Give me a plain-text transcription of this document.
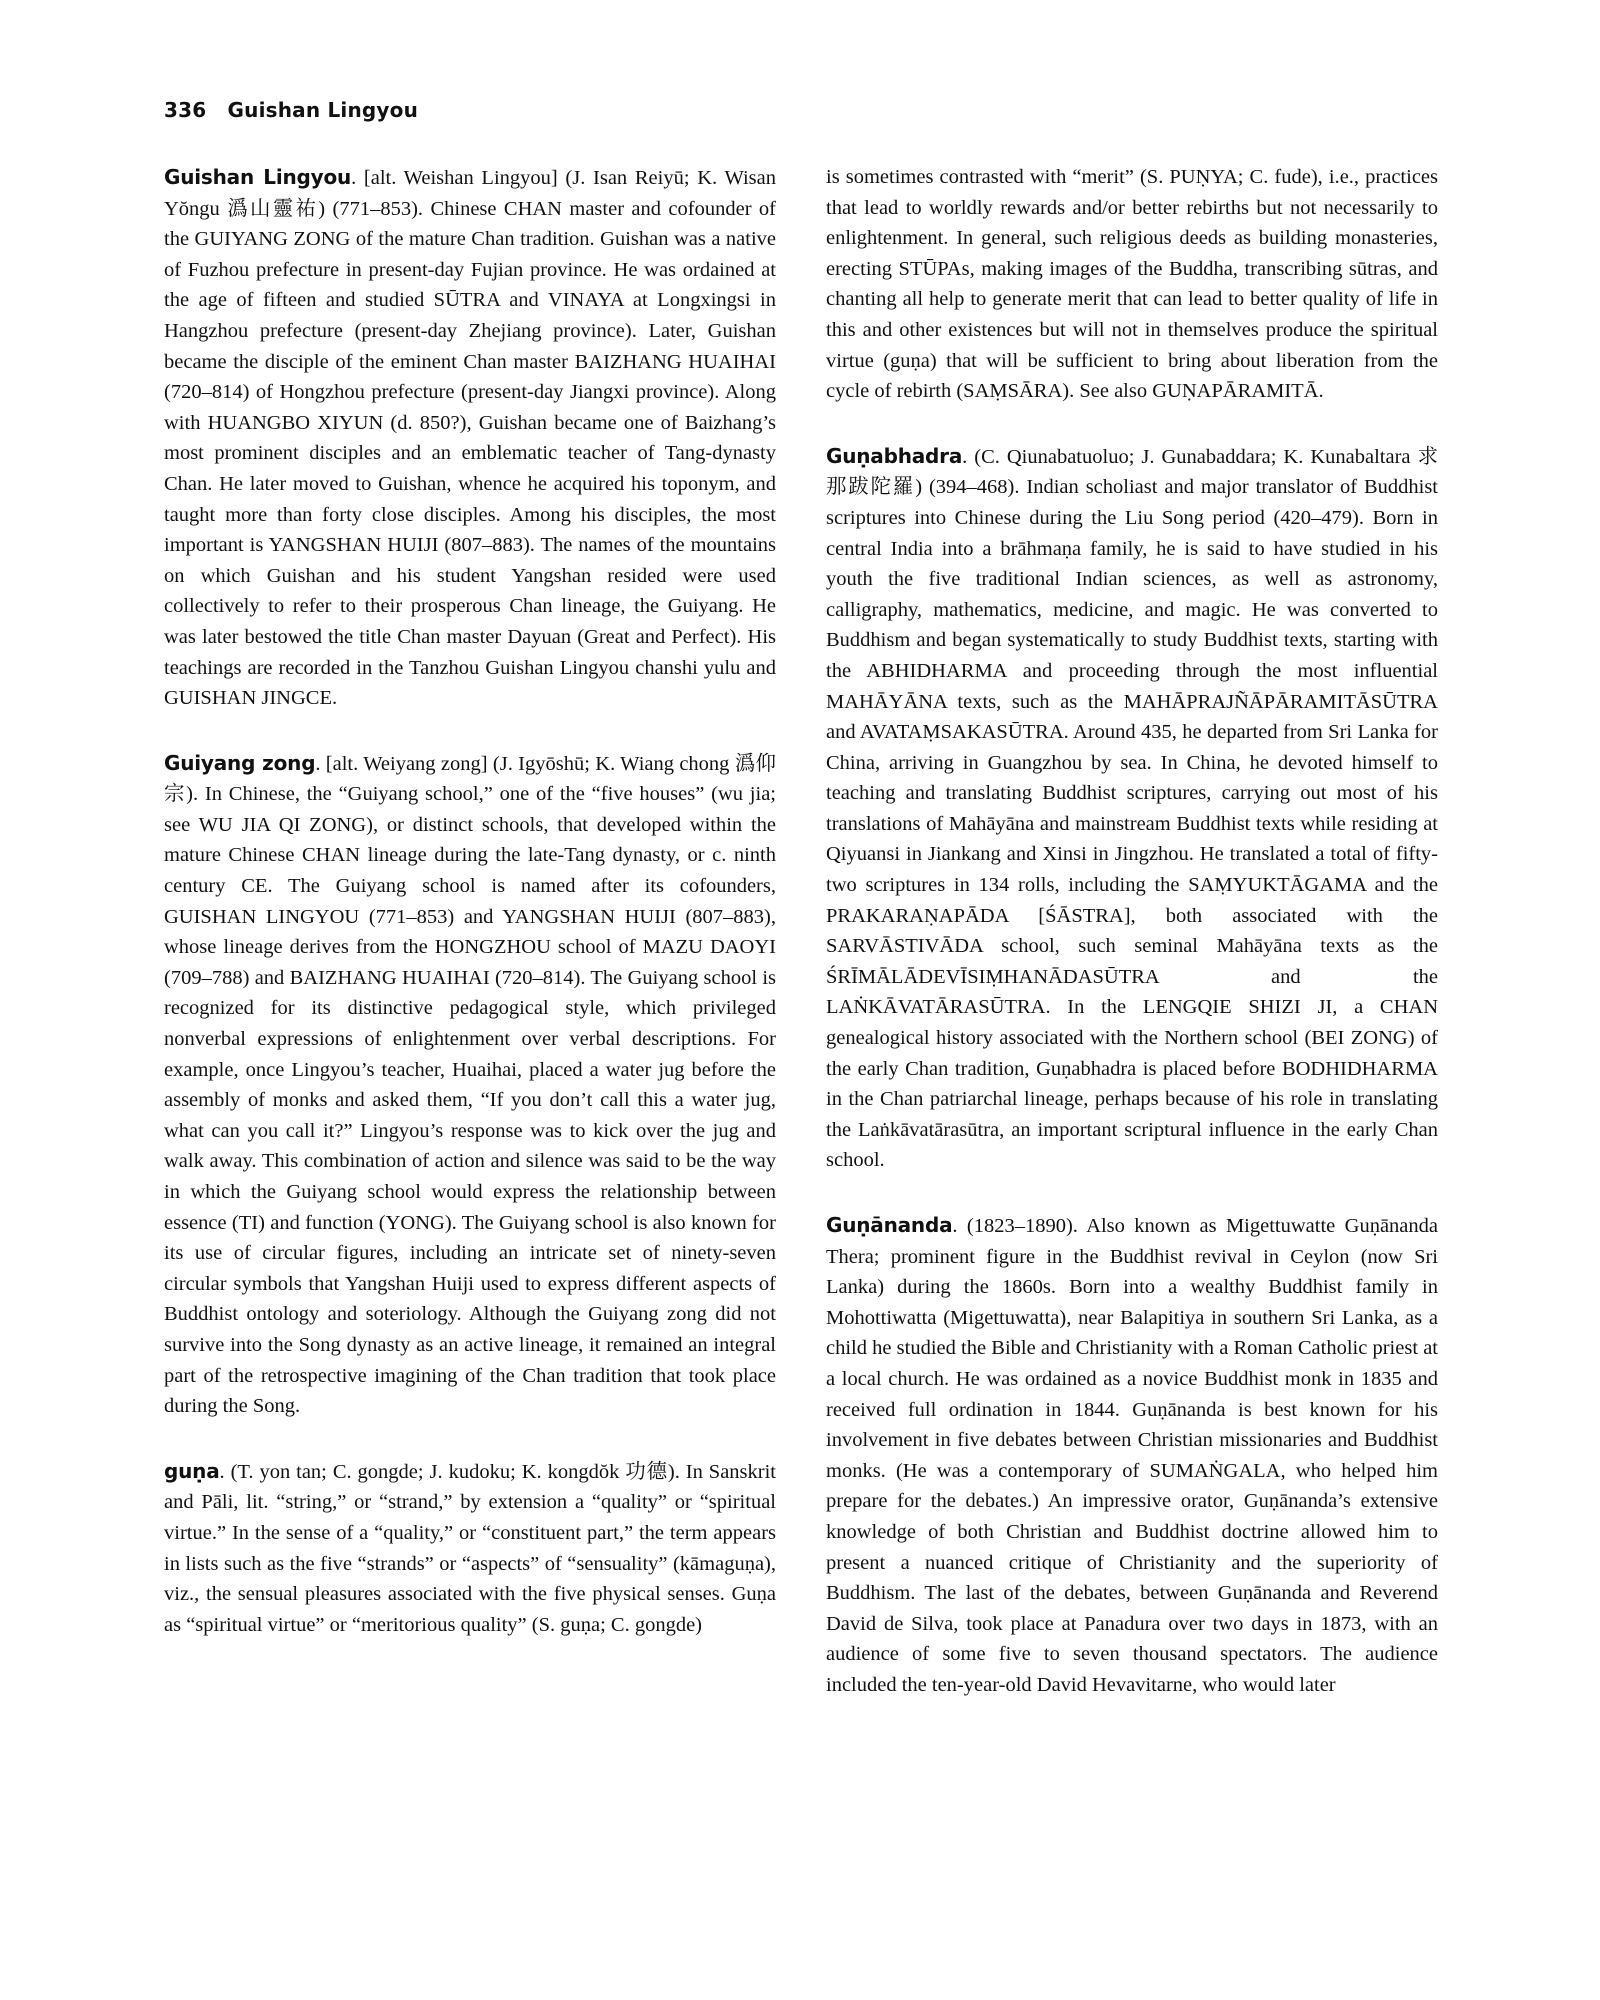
336 Guishan Lingyou

Guishan Lingyou. [alt. Weishan Lingyou] (J. Isan Reiyū; K. Wisan Yŏngu 潙山靈祐) (771–853). Chinese CHAN master and cofounder of the GUIYANG ZONG of the mature Chan tradition. Guishan was a native of Fuzhou prefecture in present-day Fujian province. He was ordained at the age of fifteen and studied SŪTRA and VINAYA at Longxingsi in Hangzhou prefecture (present-day Zhejiang province). Later, Guishan became the disciple of the eminent Chan master BAIZHANG HUAIHAI (720–814) of Hongzhou prefecture (present-day Jiangxi province). Along with HUANGBO XIYUN (d. 850?), Guishan became one of Baizhang’s most prominent disciples and an emblematic teacher of Tang-dynasty Chan. He later moved to Guishan, whence he acquired his toponym, and taught more than forty close disciples. Among his disciples, the most important is YANGSHAN HUIJI (807–883). The names of the mountains on which Guishan and his student Yangshan resided were used collectively to refer to their prosperous Chan lineage, the Guiyang. He was later bestowed the title Chan master Dayuan (Great and Perfect). His teachings are recorded in the Tanzhou Guishan Lingyou chanshi yulu and GUISHAN JINGCE.

Guiyang zong. [alt. Weiyang zong] (J. Igyōshū; K. Wiang chong 潙仰宗). In Chinese, the “Guiyang school,” one of the “five houses” (wu jia; see WU JIA QI ZONG), or distinct schools, that developed within the mature Chinese CHAN lineage during the late-Tang dynasty, or c. ninth century CE. The Guiyang school is named after its cofounders, GUISHAN LINGYOU (771–853) and YANGSHAN HUIJI (807–883), whose lineage derives from the HONGZHOU school of MAZU DAOYI (709–788) and BAIZHANG HUAIHAI (720–814). The Guiyang school is recognized for its distinctive pedagogical style, which privileged nonverbal expressions of enlightenment over verbal descriptions. For example, once Lingyou’s teacher, Huaihai, placed a water jug before the assembly of monks and asked them, “If you don’t call this a water jug, what can you call it?” Lingyou’s response was to kick over the jug and walk away. This combination of action and silence was said to be the way in which the Guiyang school would express the relationship between essence (TI) and function (YONG). The Guiyang school is also known for its use of circular figures, including an intricate set of ninety-seven circular symbols that Yangshan Huiji used to express different aspects of Buddhist ontology and soteriology. Although the Guiyang zong did not survive into the Song dynasty as an active lineage, it remained an integral part of the retrospective imagining of the Chan tradition that took place during the Song.

guṇa. (T. yon tan; C. gongde; J. kudoku; K. kongdŏk 功德). In Sanskrit and Pāli, lit. “string,” or “strand,” by extension a “quality” or “spiritual virtue.” In the sense of a “quality,” or “constituent part,” the term appears in lists such as the five “strands” or “aspects” of “sensuality” (kāmaguṇa), viz., the sensual pleasures associated with the five physical senses. Guṇa as “spiritual virtue” or “meritorious quality” (S. guṇa; C. gongde)

is sometimes contrasted with “merit” (S. PUṆYA; C. fude), i.e., practices that lead to worldly rewards and/or better rebirths but not necessarily to enlightenment. In general, such religious deeds as building monasteries, erecting STŪPAs, making images of the Buddha, transcribing sūtras, and chanting all help to generate merit that can lead to better quality of life in this and other existences but will not in themselves produce the spiritual virtue (guṇa) that will be sufficient to bring about liberation from the cycle of rebirth (SAṂSĀRA). See also GUṆAPĀRAMITĀ.

Guṇabhadra. (C. Qiunabatuoluo; J. Gunabaddara; K. Kunabaltara 求那跋陀羅) (394–468). Indian scholiast and major translator of Buddhist scriptures into Chinese during the Liu Song period (420–479). Born in central India into a brāhmaṇa family, he is said to have studied in his youth the five traditional Indian sciences, as well as astronomy, calligraphy, mathematics, medicine, and magic. He was converted to Buddhism and began systematically to study Buddhist texts, starting with the ABHIDHARMA and proceeding through the most influential MAHĀYĀNA texts, such as the MAHĀPRAJÑĀPĀRAMITĀSŪTRA and AVATAṂSAKASŪTRA. Around 435, he departed from Sri Lanka for China, arriving in Guangzhou by sea. In China, he devoted himself to teaching and translating Buddhist scriptures, carrying out most of his translations of Mahāyāna and mainstream Buddhist texts while residing at Qiyuansi in Jiankang and Xinsi in Jingzhou. He translated a total of fifty-two scriptures in 134 rolls, including the SAṂYUKTĀGAMA and the PRAKARAṆAPĀDA [ŚĀSTRA], both associated with the SARVĀSTIVĀDA school, such seminal Mahāyāna texts as the ŚRĪMĀLĀDEVĪSIṂHANĀDASŪTRA and the LAṄKĀVATĀRASŪTRA. In the LENGQIE SHIZI JI, a CHAN genealogical history associated with the Northern school (BEI ZONG) of the early Chan tradition, Guṇabhadra is placed before BODHIDHARMA in the Chan patriarchal lineage, perhaps because of his role in translating the Laṅkāvatārasūtra, an important scriptural influence in the early Chan school.

Guṇānanda. (1823–1890). Also known as Migettuwatte Guṇānanda Thera; prominent figure in the Buddhist revival in Ceylon (now Sri Lanka) during the 1860s. Born into a wealthy Buddhist family in Mohottiwatta (Migettuwatta), near Balapitiya in southern Sri Lanka, as a child he studied the Bible and Christianity with a Roman Catholic priest at a local church. He was ordained as a novice Buddhist monk in 1835 and received full ordination in 1844. Guṇānanda is best known for his involvement in five debates between Christian missionaries and Buddhist monks. (He was a contemporary of SUMAṄGALA, who helped him prepare for the debates.) An impressive orator, Guṇānanda’s extensive knowledge of both Christian and Buddhist doctrine allowed him to present a nuanced critique of Christianity and the superiority of Buddhism. The last of the debates, between Guṇānanda and Reverend David de Silva, took place at Panadura over two days in 1873, with an audience of some five to seven thousand spectators. The audience included the ten-year-old David Hevavitarne, who would later
